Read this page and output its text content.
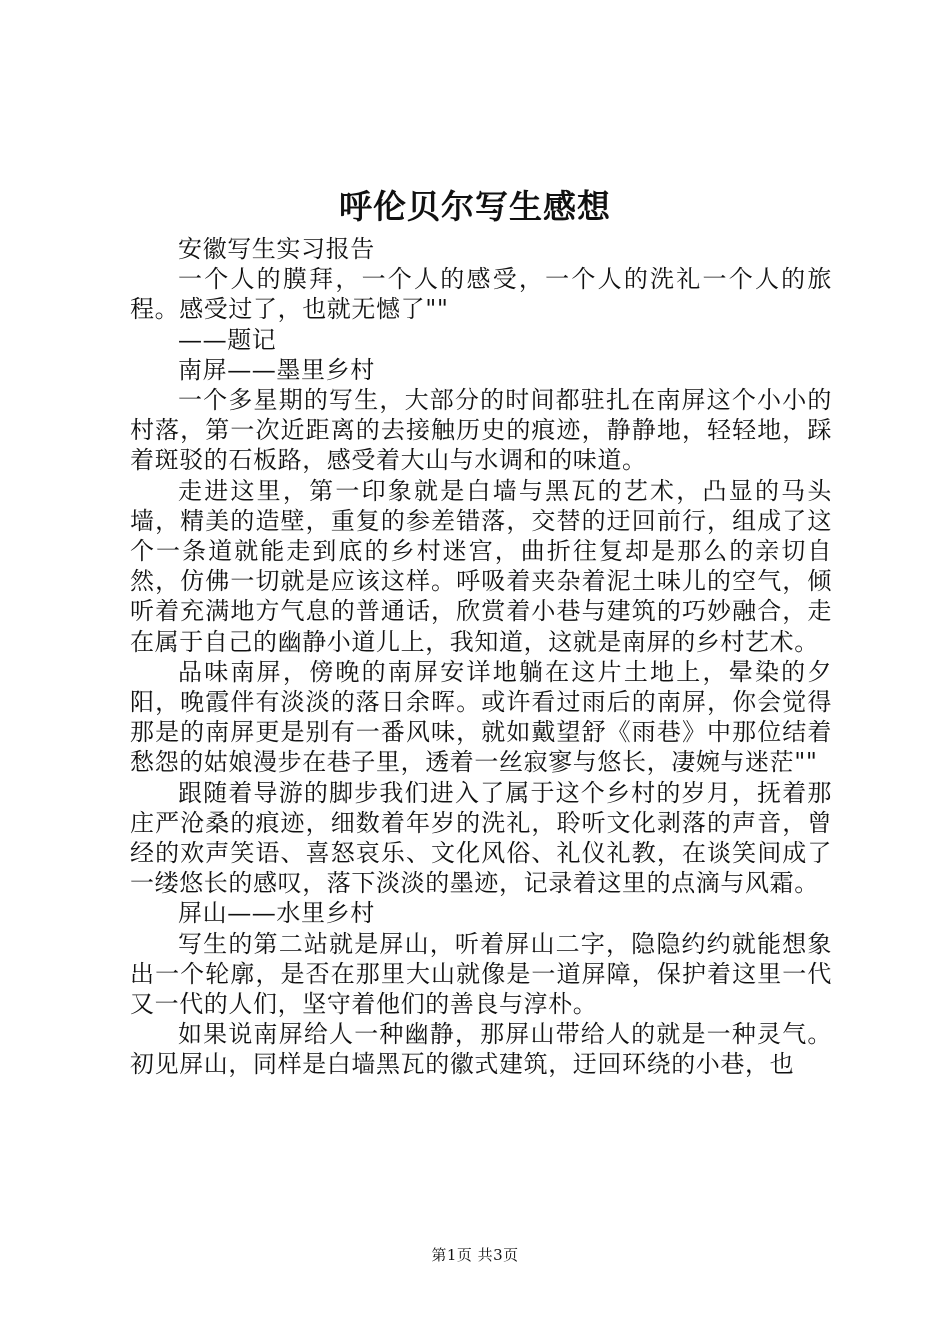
呼伦贝尔写生感想

安徽写生实习报告

一个人的膜拜，一个人的感受，一个人的洗礼一个人的旅程。感受过了，也就无憾了""

——题记

南屏——墨里乡村

一个多星期的写生，大部分的时间都驻扎在南屏这个小小的村落，第一次近距离的去接触历史的痕迹，静静地，轻轻地，踩着斑驳的石板路，感受着大山与水调和的味道。

走进这里，第一印象就是白墙与黑瓦的艺术，凸显的马头墙，精美的造壁，重复的参差错落，交替的迂回前行，组成了这个一条道就能走到底的乡村迷宫，曲折往复却是那么的亲切自然，仿佛一切就是应该这样。呼吸着夹杂着泥土味儿的空气，倾听着充满地方气息的普通话，欣赏着小巷与建筑的巧妙融合，走在属于自己的幽静小道儿上，我知道，这就是南屏的乡村艺术。

品味南屏，傍晚的南屏安详地躺在这片土地上，晕染的夕阳，晚霞伴有淡淡的落日余晖。或许看过雨后的南屏，你会觉得那是的南屏更是别有一番风味，就如戴望舒《雨巷》中那位结着愁怨的姑娘漫步在巷子里，透着一丝寂寥与悠长，凄婉与迷茫""

跟随着导游的脚步我们进入了属于这个乡村的岁月，抚着那庄严沧桑的痕迹，细数着年岁的洗礼，聆听文化剥落的声音，曾经的欢声笑语、喜怒哀乐、文化风俗、礼仪礼教，在谈笑间成了一缕悠长的感叹，落下淡淡的墨迹，记录着这里的点滴与风霜。

屏山——水里乡村

写生的第二站就是屏山，听着屏山二字，隐隐约约就能想象出一个轮廓，是否在那里大山就像是一道屏障，保护着这里一代又一代的人们，坚守着他们的善良与淳朴。

如果说南屏给人一种幽静，那屏山带给人的就是一种灵气。初见屏山，同样是白墙黑瓦的徽式建筑，迂回环绕的小巷，也

第1页 共3页
